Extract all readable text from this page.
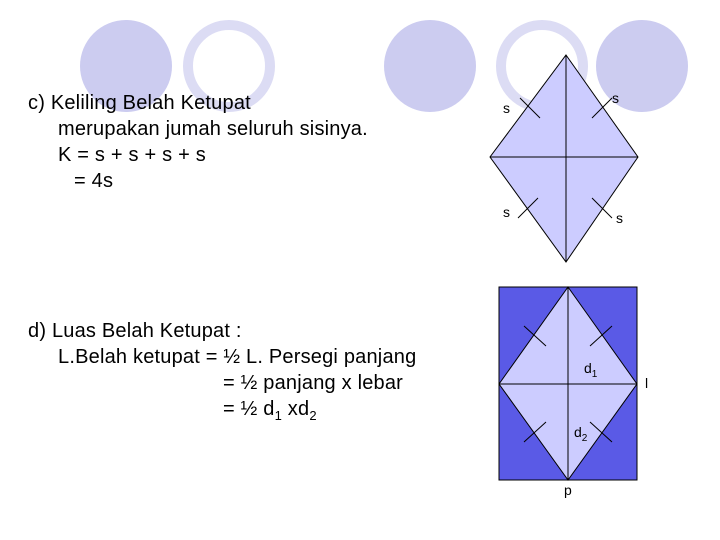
c) Keliling Belah Ketupat
merupakan jumah seluruh sisinya.
K = s + s + s + s
= 4s
d) Luas Belah Ketupat :
L.Belah ketupat = ½ L. Persegi panjang
= ½ panjang x lebar
= ½ $d_1$ $xd_2$
s
s
s	s
$d_1$
$d_2$
p
l
